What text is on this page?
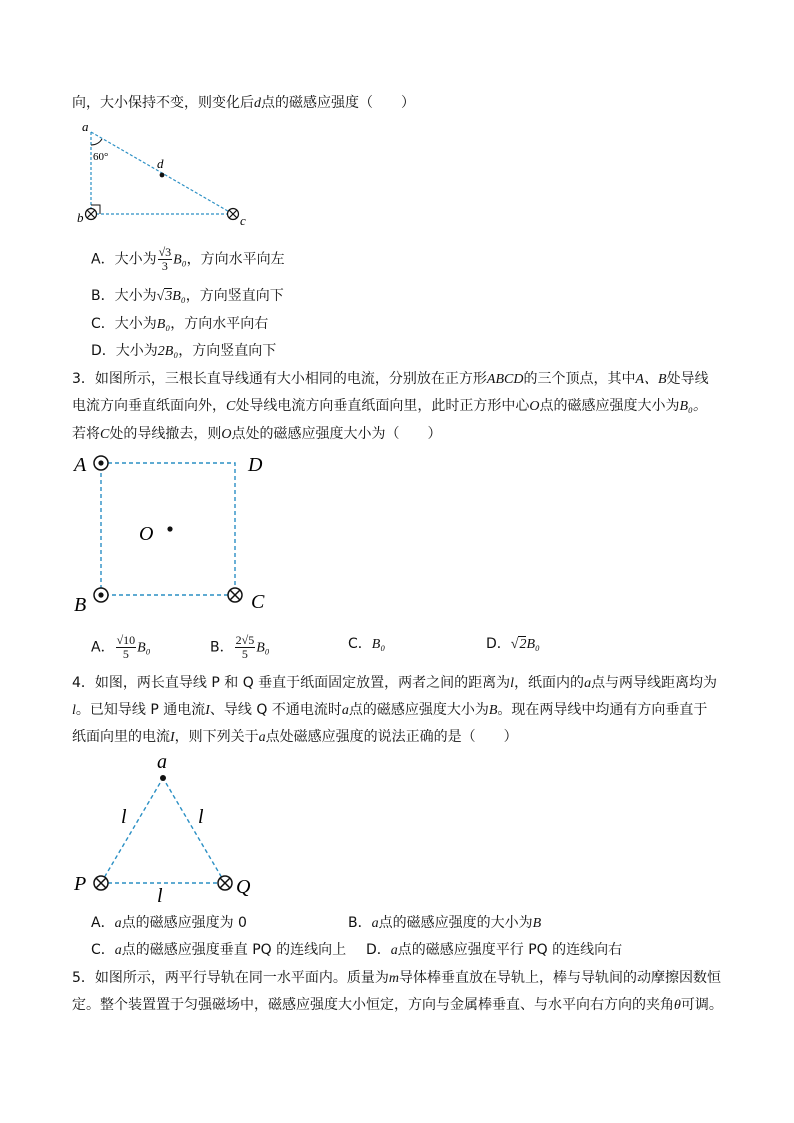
向，大小保持不变，则变化后d点的磁感应强度（　　）
a
60°	d
b	c
A．大小为 $\frac{√3}{3} B_0$，方向水平向左
B．大小为√3B₀，方向竖直向下
C．大小为B₀，方向水平向右
D．大小为2B₀，方向竖直向下
3．如图所示，三根长直导线通有大小相同的电流，分别放在正方形ABCD的三个顶点，其中A、B处导线
电流方向垂直纸面向外，C处导线电流方向垂直纸面向里，此时正方形中心O点的磁感应强度大小为B₀。
若将C处的导线撤去，则O点处的磁感应强度大小为（　　）
A	D
O
B	C
A． $\frac{√10}{5} B_0$	B． $\frac{2√5}{5} B_0$	C．B₀	D．√2B₀
4．如图，两长直导线 P 和 Q 垂直于纸面固定放置，两者之间的距离为l，纸面内的a点与两导线距离均为
l。已知导线 P 通电流I、导线 Q 不通电流时a点的磁感应强度大小为B。现在两导线中均通有方向垂直于
纸面向里的电流I，则下列关于a点处磁感应强度的说法正确的是（　　）
a
l	l
P	Q
l
A．a点的磁感应强度为 0	B．a点的磁感应强度的大小为B
C．a点的磁感应强度垂直 PQ 的连线向上 D．a点的磁感应强度平行 PQ 的连线向右
5．如图所示，两平行导轨在同一水平面内。质量为m导体棒垂直放在导轨上，棒与导轨间的动摩擦因数恒
定。整个装置置于匀强磁场中，磁感应强度大小恒定，方向与金属棒垂直、与水平向右方向的夹角θ可调。
